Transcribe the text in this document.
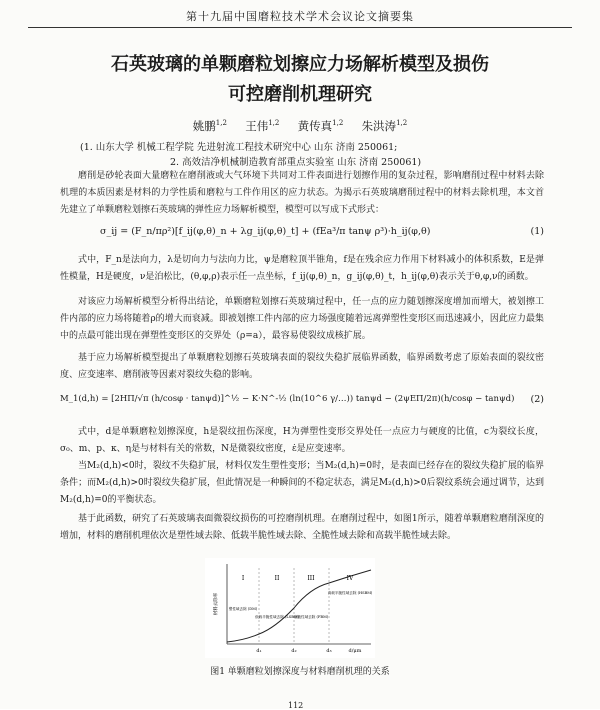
第十九届中国磨粒技术学术会议论文摘要集
石英玻璃的单颗磨粒划擦应力场解析模型及损伤
可控磨削机理研究
姚鹏$^{1,2}$ 王伟$^{1,2}$ 黄传真$^{1,2}$ 朱洪涛$^{1,2}$
(1. 山东大学 机械工程学院 先进射流工程技术研究中心 山东 济南 250061;
2. 高效洁净机械制造教育部重点实验室 山东 济南 250061)
磨削是砂轮表面大量磨粒在磨削液或大气环境下共同对工件表面进行划擦作用的复杂过程，影响磨削过程中材料去除机理的本质因素是材料的力学性质和磨粒与工件作用区的应力状态。为揭示石英玻璃磨削过程中的材料去除机理，本文首先建立了单颗磨粒划擦石英玻璃的弹性应力场解析模型，模型可以写成下式形式：
σ_ij = (F_n/πρ²)[f_ij(φ,θ)_n + λg_ij(φ,θ)_t] + (fEa³/π tanψ ρ³)·h_ij(φ,θ)	(1)
式中，F_n是法向力，λ是切向力与法向力比，ψ是磨粒顶半锥角，f是在残余应力作用下材料减小的体积系数，E是弹性模量，H是硬度，ν是泊松比，(θ,φ,ρ)表示任一点坐标，f_ij(φ,θ)_n，g_ij(φ,θ)_t，h_ij(φ,θ)表示关于θ,φ,ν的函数。
对该应力场解析模型分析得出结论，单颗磨粒划擦石英玻璃过程中，任一点的应力随划擦深度增加而增大，被划擦工件内部的应力场将随着ρ的增大而衰减。即被划擦工件内部的应力场强度随着远离弹塑性变形区而迅速减小，因此应力最集中的点最可能出现在弹塑性变形区的交界处（ρ=a），最容易使裂纹成核扩展。
基于应力场解析模型提出了单颗磨粒划擦石英玻璃表面的裂纹失稳扩展临界函数，临界函数考虑了原始表面的裂纹密度、应变速率、磨削液等因素对裂纹失稳的影响。
M_1(d,h) = [2HΠ/√π (h/cosφ · tanψd)]^½ − K·N^-½ (ln(10^6 γ/…)) tanψd − (2ψΕΠ/2π)(h/cosφ − tanψd) (2)
式中，d是单颗磨粒划擦深度，h是裂纹扭伤深度，H为弹塑性变形交界处任一点应力与硬度的比值，c为裂纹长度，σ₀、m、p、κ、η是与材料有关的常数，N是微裂纹密度，ε̇是应变速率。
当M₂(d,h)<0时，裂纹不失稳扩展，材料仅发生塑性变形；当M₂(d,h)=0时，是表面已经存在的裂纹失稳扩展的临界条件；而M₂(d,h)>0时裂纹失稳扩展，但此情况是一种瞬间的不稳定状态，满足M₂(d,h)>0后裂纹系统会通过调节，达到M₂(d,h)=0的平衡状态。
基于此函数，研究了石英玻璃表面微裂纹损伤的可控磨削机理。在磨削过程中，如图1所示，随着单颗磨粒磨削深度的增加，材料的磨削机理依次是塑性域去除、低载半脆性域去除、全脆性域去除和高载半脆性域去除。
I	II	III	IV
塑性域去除 (DM)
低载半脆性域去除 (LSBM)
全脆性域去除 (FBM)
高载半脆性域去除 (HSBM)
d₁	d₂	d₃	d/μm
材料去除率
图1 单颗磨粒划擦深度与材料磨削机理的关系
112
